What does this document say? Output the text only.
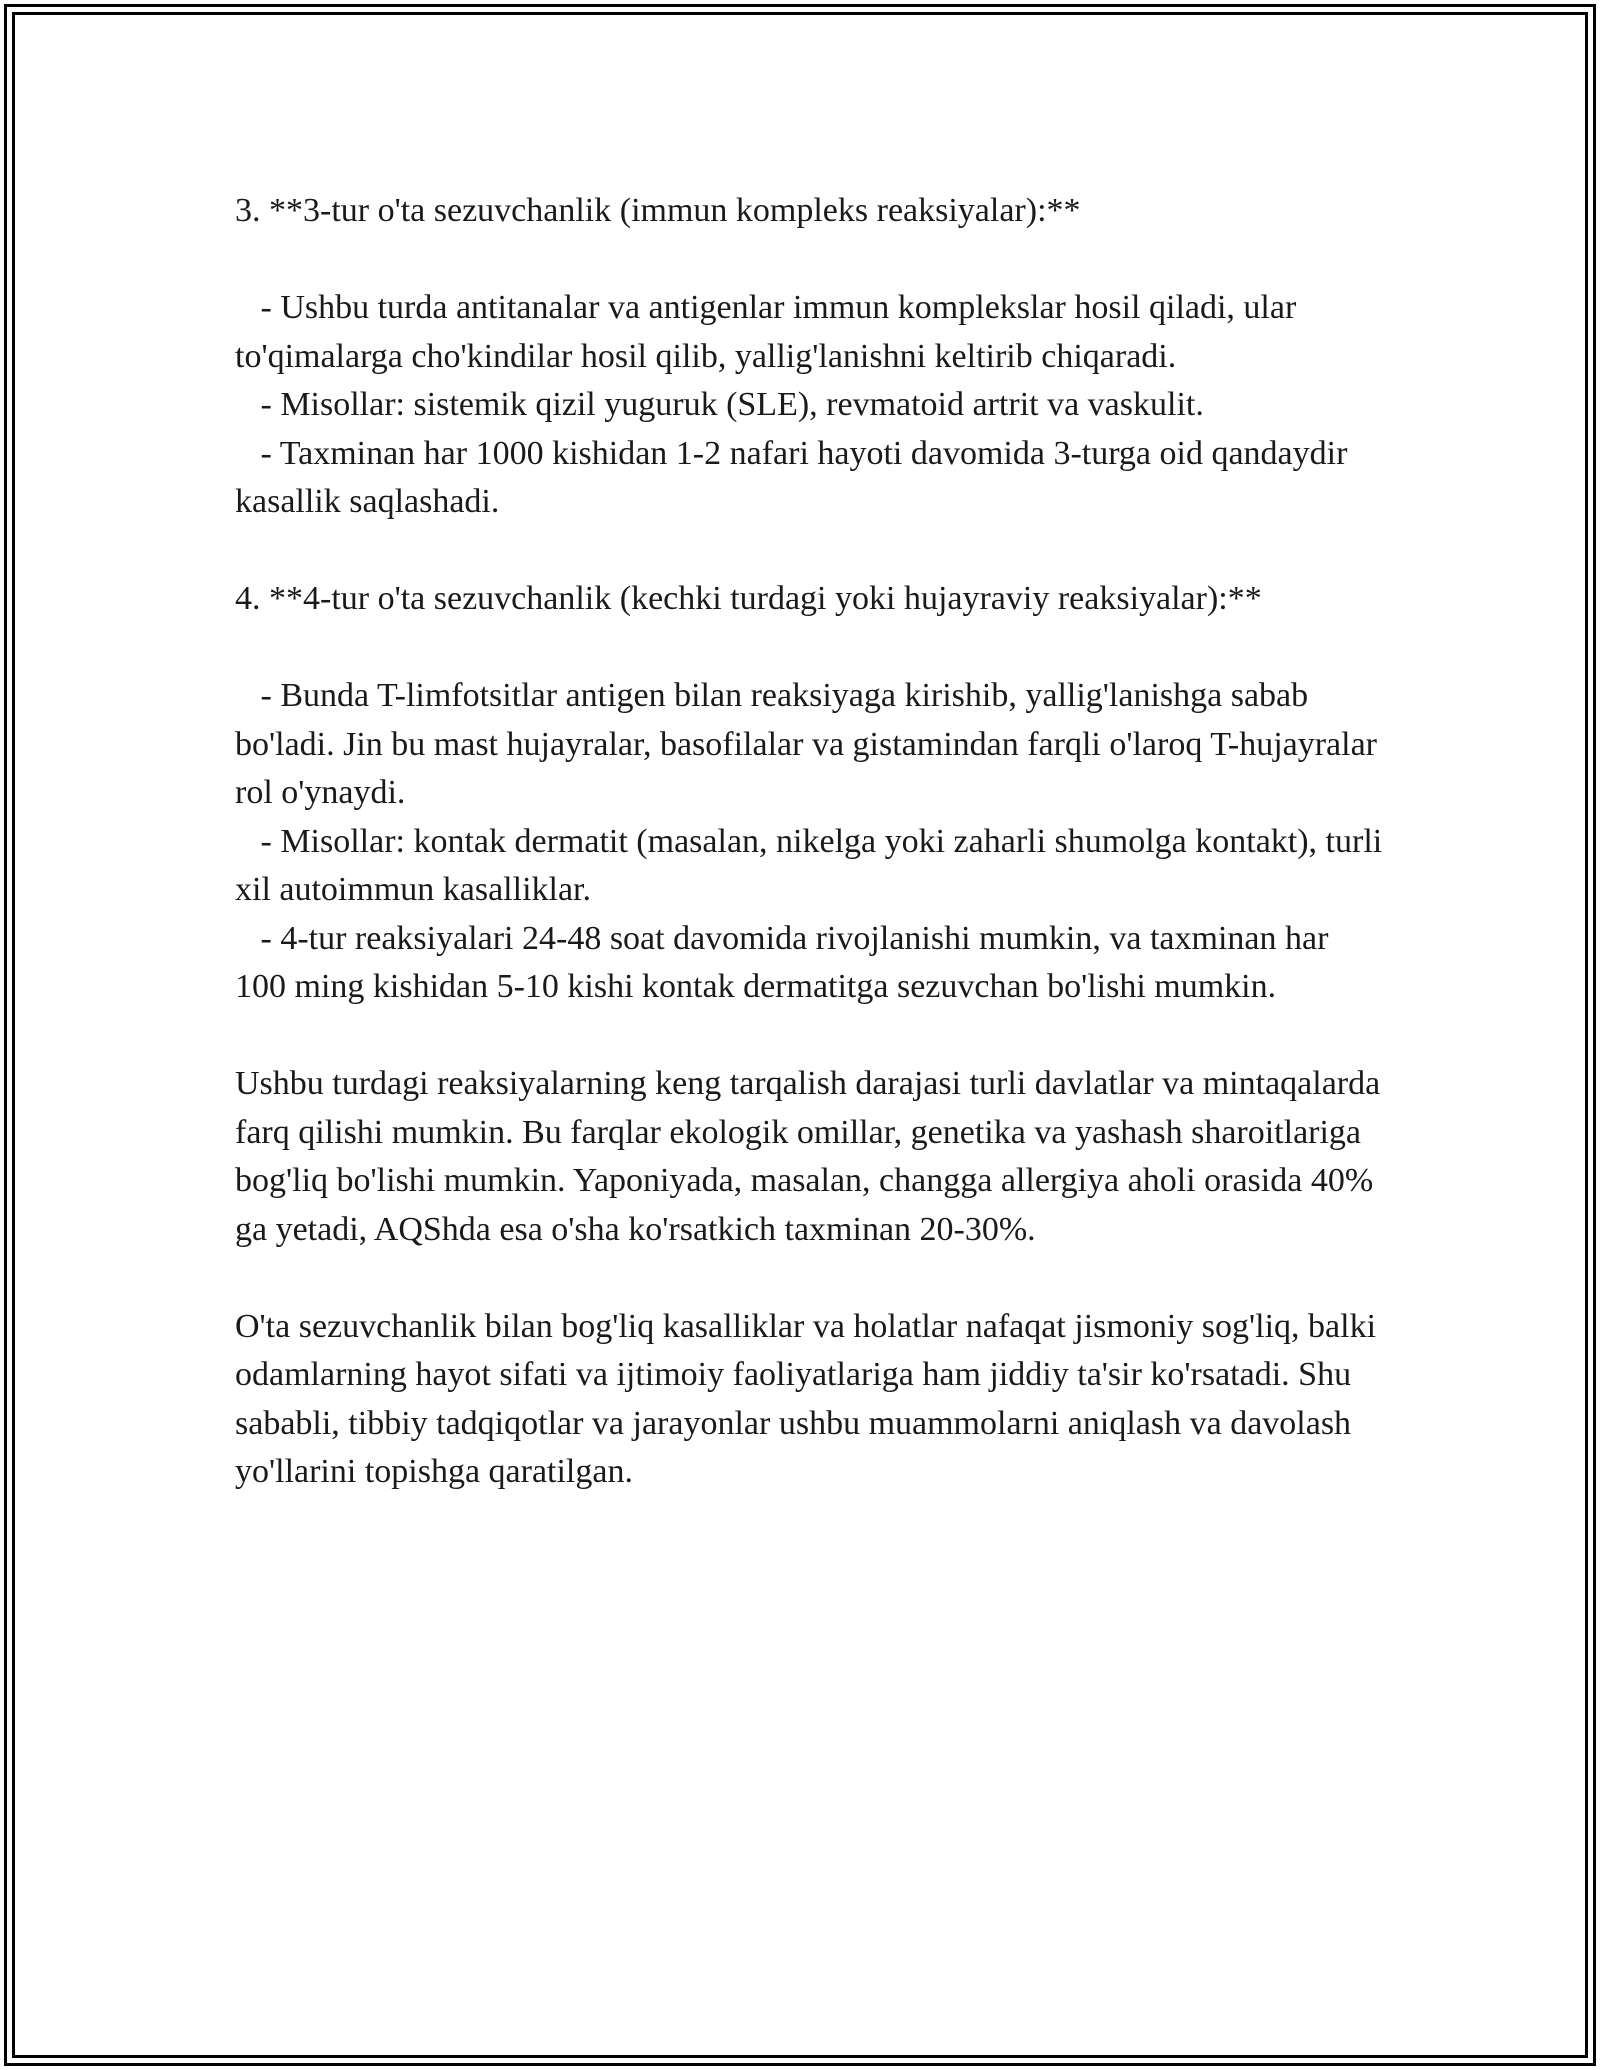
3. **3-tur o'ta sezuvchanlik (immun kompleks reaksiyalar):**

- Ushbu turda antitanalar va antigenlar immun komplekslar hosil qiladi, ular to'qimalarga cho'kindilar hosil qilib, yallig'lanishni keltirib chiqaradi.

- Misollar: sistemik qizil yuguruk (SLE), revmatoid artrit va vaskulit.

- Taxminan har 1000 kishidan 1-2 nafari hayoti davomida 3-turga oid qandaydir kasallik saqlashadi.

4. **4-tur o'ta sezuvchanlik (kechki turdagi yoki hujayraviy reaksiyalar):**

- Bunda T-limfotsitlar antigen bilan reaksiyaga kirishib, yallig'lanishga sabab bo'ladi. Jin bu mast hujayralar, basofilalar va gistamindan farqli o'laroq T-hujayralar rol o'ynaydi.

- Misollar: kontak dermatit (masalan, nikelga yoki zaharli shumolga kontakt), turli xil autoimmun kasalliklar.

- 4-tur reaksiyalari 24-48 soat davomida rivojlanishi mumkin, va taxminan har 100 ming kishidan 5-10 kishi kontak dermatitga sezuvchan bo'lishi mumkin.

Ushbu turdagi reaksiyalarning keng tarqalish darajasi turli davlatlar va mintaqalarda farq qilishi mumkin. Bu farqlar ekologik omillar, genetika va yashash sharoitlariga bog'liq bo'lishi mumkin. Yaponiyada, masalan, changga allergiya aholi orasida 40% ga yetadi, AQShda esa o'sha ko'rsatkich taxminan 20-30%.

O'ta sezuvchanlik bilan bog'liq kasalliklar va holatlar nafaqat jismoniy sog'liq, balki odamlarning hayot sifati va ijtimoiy faoliyatlariga ham jiddiy ta'sir ko'rsatadi. Shu sababli, tibbiy tadqiqotlar va jarayonlar ushbu muammolarni aniqlash va davolash yo'llarini topishga qaratilgan.
